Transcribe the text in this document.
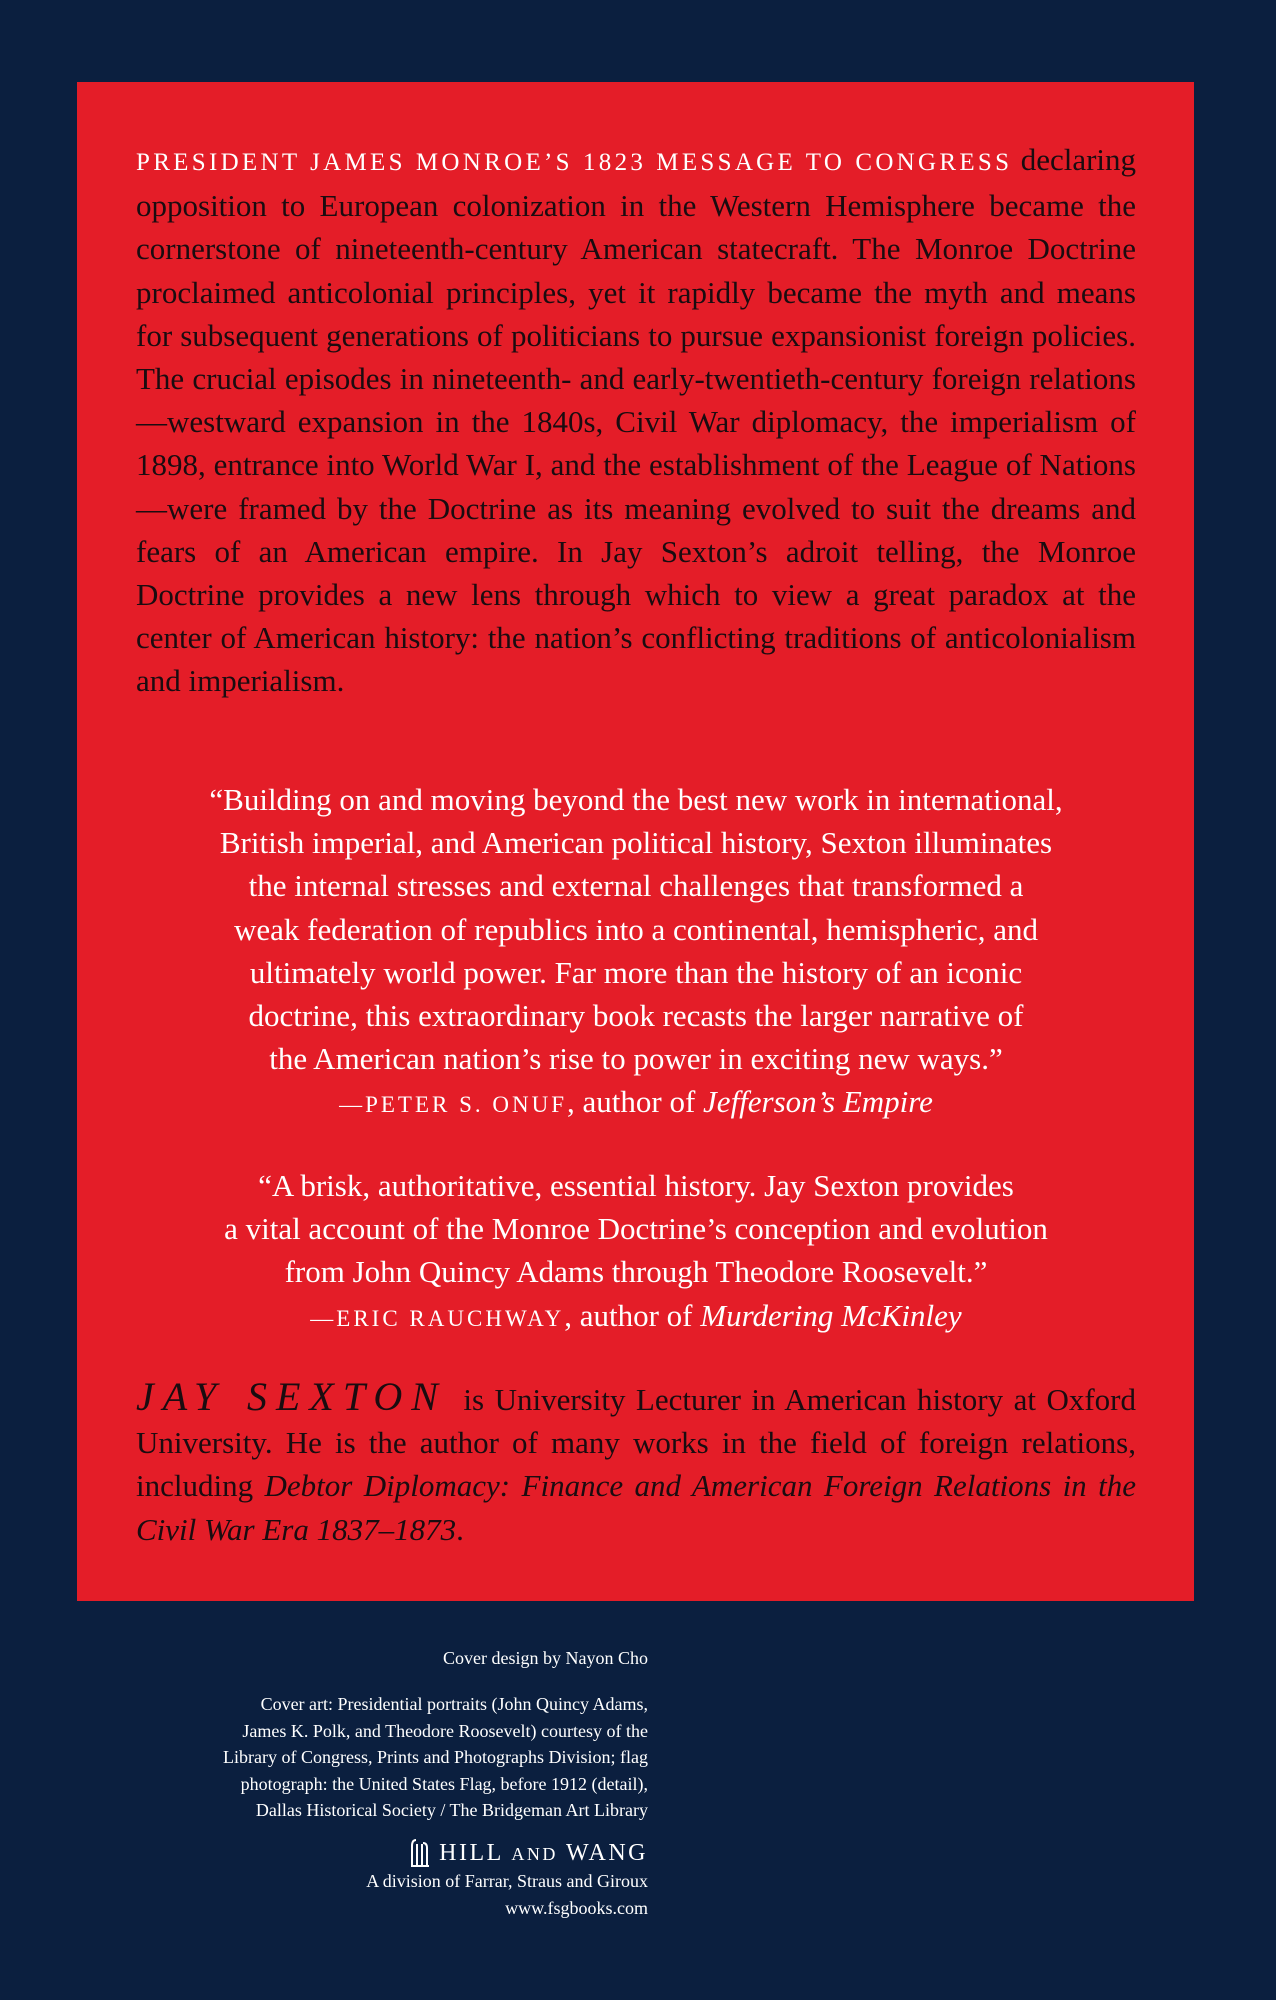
PRESIDENT JAMES MONROE’S 1823 MESSAGE TO CONGRESS declaring opposition to European colonization in the Western Hemisphere became the cornerstone of nineteenth-century American statecraft. The Monroe Doctrine proclaimed anticolonial principles, yet it rapidly became the myth and means for subsequent generations of politicians to pursue expansionist foreign policies. The crucial episodes in nineteenth- and early-twentieth-century foreign relations—westward expansion in the 1840s, Civil War diplomacy, the imperialism of 1898, entrance into World War I, and the establishment of the League of Nations—were framed by the Doctrine as its meaning evolved to suit the dreams and fears of an American empire. In Jay Sexton’s adroit telling, the Monroe Doctrine provides a new lens through which to view a great paradox at the center of American history: the nation’s conflicting traditions of anticolonialism and imperialism.

“Building on and moving beyond the best new work in international,
British imperial, and American political history, Sexton illuminates
the internal stresses and external challenges that transformed a
weak federation of republics into a continental, hemispheric, and
ultimately world power. Far more than the history of an iconic
doctrine, this extraordinary book recasts the larger narrative of
the American nation’s rise to power in exciting new ways.”
—PETER S. ONUF, author of Jefferson’s Empire
“A brisk, authoritative, essential history. Jay Sexton provides
a vital account of the Monroe Doctrine’s conception and evolution
from John Quincy Adams through Theodore Roosevelt.”
—ERIC RAUCHWAY, author of Murdering McKinley

JAY SEXTON is University Lecturer in American history at Oxford University. He is the author of many works in the field of foreign relations, including Debtor Diplomacy: Finance and American Foreign Relations in the Civil War Era 1837–1873.

Cover design by Nayon Cho
Cover art: Presidential portraits (John Quincy Adams,
James K. Polk, and Theodore Roosevelt) courtesy of the
Library of Congress, Prints and Photographs Division; flag
photograph: the United States Flag, before 1912 (detail),
Dallas Historical Society / The Bridgeman Art Library
HILL AND WANG
A division of Farrar, Straus and Giroux
www.fsgbooks.com
